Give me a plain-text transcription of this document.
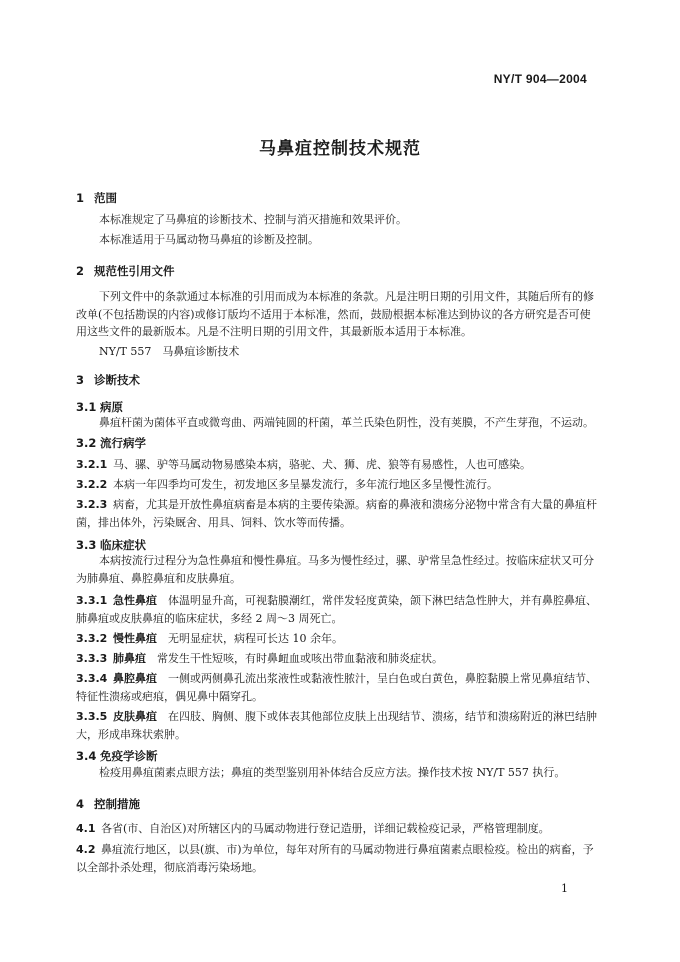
NY/T 904—2004
马鼻疽控制技术规范
1 范围
本标准规定了马鼻疽的诊断技术、控制与消灭措施和效果评价。
本标准适用于马属动物马鼻疽的诊断及控制。
2 规范性引用文件
下列文件中的条款通过本标准的引用而成为本标准的条款。凡是注明日期的引用文件，其随后所有的修改单(不包括勘误的内容)或修订版均不适用于本标准，然而，鼓励根据本标准达到协议的各方研究是否可使用这些文件的最新版本。凡是不注明日期的引用文件，其最新版本适用于本标准。
NY/T 557　马鼻疽诊断技术
3 诊断技术
3.1 病原
鼻疽杆菌为菌体平直或微弯曲、两端钝圆的杆菌，革兰氏染色阴性，没有荚膜，不产生芽孢，不运动。
3.2 流行病学
3.2.1 马、骡、驴等马属动物易感染本病，骆驼、犬、狮、虎、狼等有易感性，人也可感染。
3.2.2 本病一年四季均可发生，初发地区多呈暴发流行，多年流行地区多呈慢性流行。
3.2.3 病畜，尤其是开放性鼻疽病畜是本病的主要传染源。病畜的鼻液和溃疡分泌物中常含有大量的鼻疽杆菌，排出体外，污染厩舍、用具、饲料、饮水等而传播。
3.3 临床症状
本病按流行过程分为急性鼻疽和慢性鼻疽。马多为慢性经过，骡、驴常呈急性经过。按临床症状又可分为肺鼻疽、鼻腔鼻疽和皮肤鼻疽。
3.3.1 急性鼻疽　 体温明显升高，可视黏膜潮红，常伴发轻度黄染，颌下淋巴结急性肿大，并有鼻腔鼻疽、肺鼻疽或皮肤鼻疽的临床症状，多经 2 周～3 周死亡。
3.3.2 慢性鼻疽　 无明显症状，病程可长达 10 余年。
3.3.3 肺鼻疽　 常发生干性短咳，有时鼻衄血或咳出带血黏液和肺炎症状。
3.3.4 鼻腔鼻疽　 一侧或两侧鼻孔流出浆液性或黏液性脓汁，呈白色或白黄色，鼻腔黏膜上常见鼻疽结节、特征性溃疡或疤痕，偶见鼻中隔穿孔。
3.3.5 皮肤鼻疽　 在四肢、胸侧、腹下或体表其他部位皮肤上出现结节、溃疡，结节和溃疡附近的淋巴结肿大，形成串珠状索肿。
3.4 免疫学诊断
检疫用鼻疽菌素点眼方法；鼻疽的类型鉴别用补体结合反应方法。操作技术按 NY/T 557 执行。
4 控制措施
4.1 各省(市、自治区)对所辖区内的马属动物进行登记造册，详细记载检疫记录，严格管理制度。
4.2 鼻疽流行地区，以县(旗、市)为单位，每年对所有的马属动物进行鼻疽菌素点眼检疫。检出的病畜，予以全部扑杀处理，彻底消毒污染场地。
1
